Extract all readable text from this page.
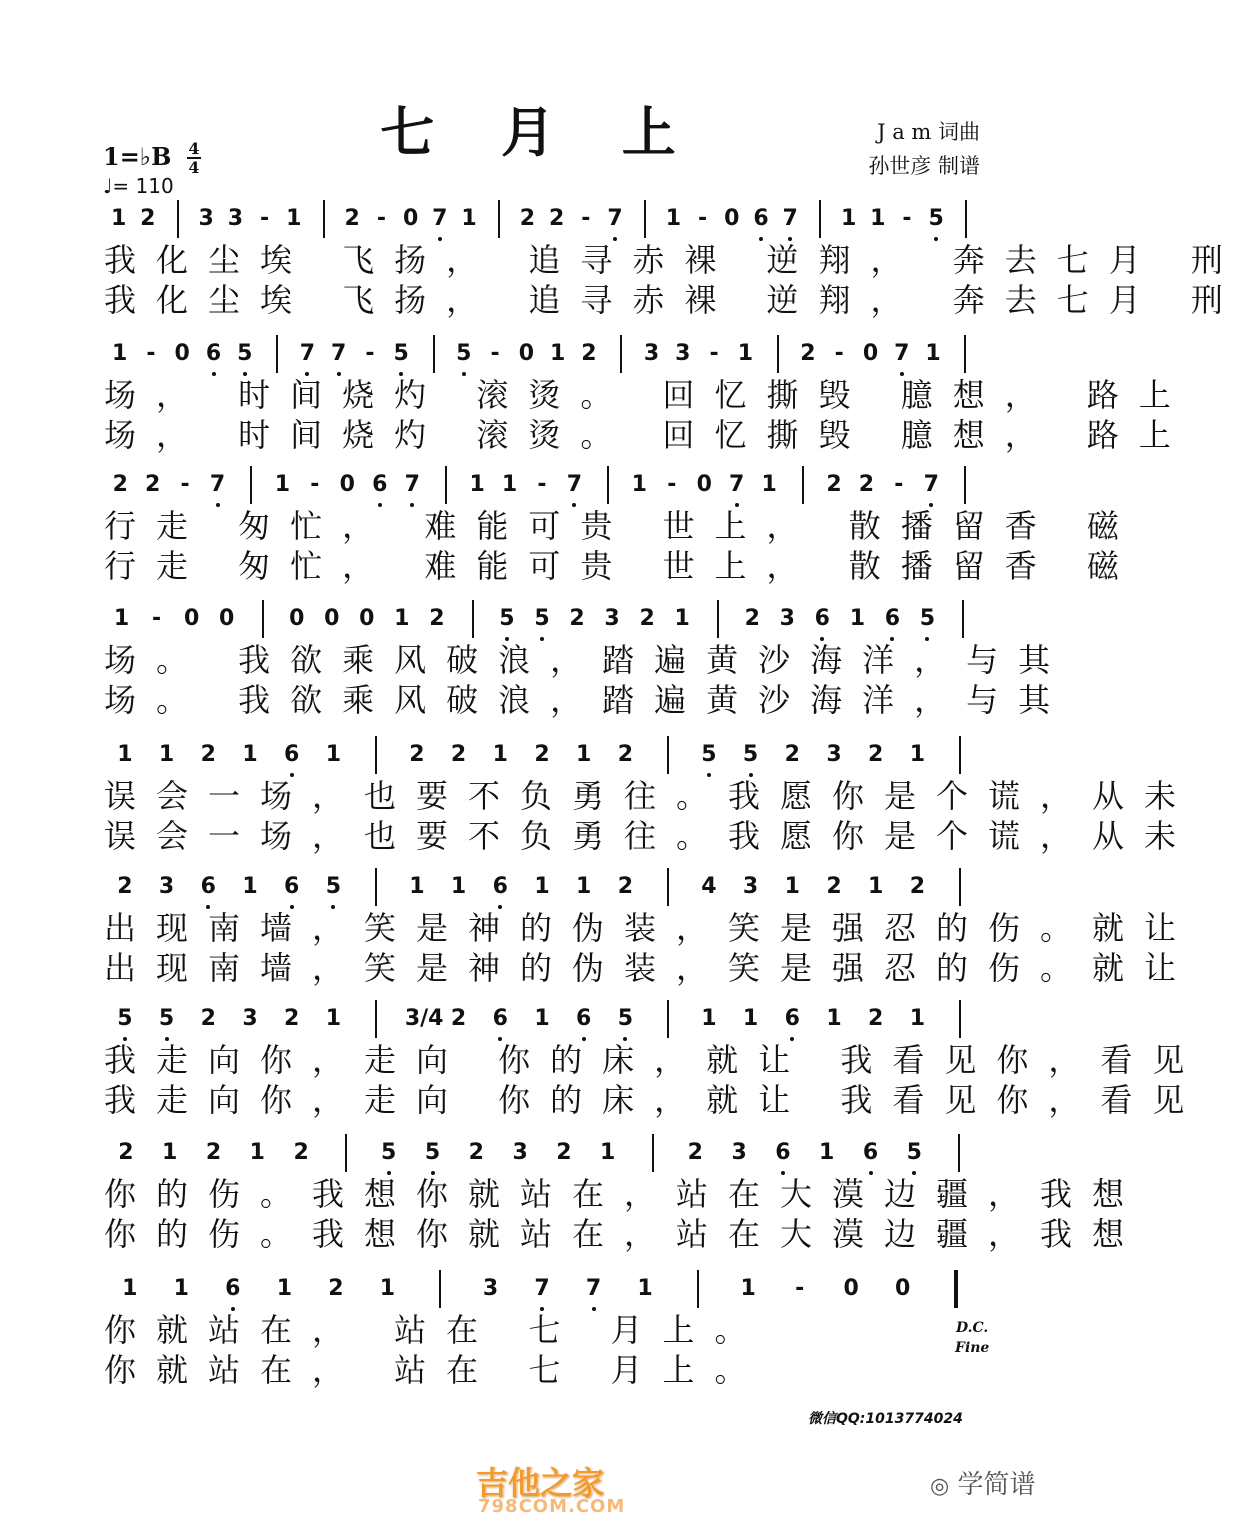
七 月 上	J a m 词曲
孙世彦 制谱
1=♭B 4
4
♩= 110
1 2 3 3 - 1 2 - 0 7 1 2 2 - 7 1 - 0 6 7 1 1 - 5
我化尘埃 飞扬， 追寻赤裸 逆翔， 奔去七月 刑
我化尘埃 飞扬， 追寻赤裸 逆翔， 奔去七月 刑
1 - 0 6 5 7 7 - 5 5 - 0 1 2 3 3 - 1 2 - 0 7 1
场， 时间烧灼 滚烫。 回忆撕毁 臆想， 路上
场， 时间烧灼 滚烫。 回忆撕毁 臆想， 路上
2 2 - 7 1 - 0 6 7 1 1 - 7 1 - 0 7 1 2 2 - 7
行走 匆忙， 难能可贵 世上， 散播留香 磁
行走 匆忙， 难能可贵 世上， 散播留香 磁
1	-	0 0 0 0 0 1 2 5 5 2 3 2 1 2 3 6 1 6 5
场。 我欲乘风破浪，踏遍黄沙海洋，与其
场。 我欲乘风破浪，踏遍黄沙海洋，与其
1 1 2 1 6 1	2 2 1 2 1 2	5 5 2 3 2 1
误会一场，也要不负勇往。我愿你是个谎，从未
误会一场，也要不负勇往。我愿你是个谎，从未
2 3 6 1 6 5	1 1 6 1 1 2	4 3 1 2 1 2
出现南墙，笑是神的伪装，笑是强忍的伤。就让
出现南墙，笑是神的伪装，笑是强忍的伤。就让
5 5 2 3 2 1	3/4 2 6 1 6 5	1 1 6 1 2 1
我走向你，走向 你的床，就让 我看见你，看见
我走向你，走向 你的床，就让 我看见你，看见
2 1 2 1 2	5 5 2 3 2 1	2 3 6 1 6 5
你的伤。我想你就站在，站在大漠边疆，我想
你的伤。我想你就站在，站在大漠边疆，我想
1 1 6 1 2 1	3 7 7 1	1	-	0 0
你就站在， 站在 七 月上。
你就站在， 站在 七 月上。
D.C.
Fine
微信QQ:1013774024
吉他之家
798COM.COM
◎ 学简谱
